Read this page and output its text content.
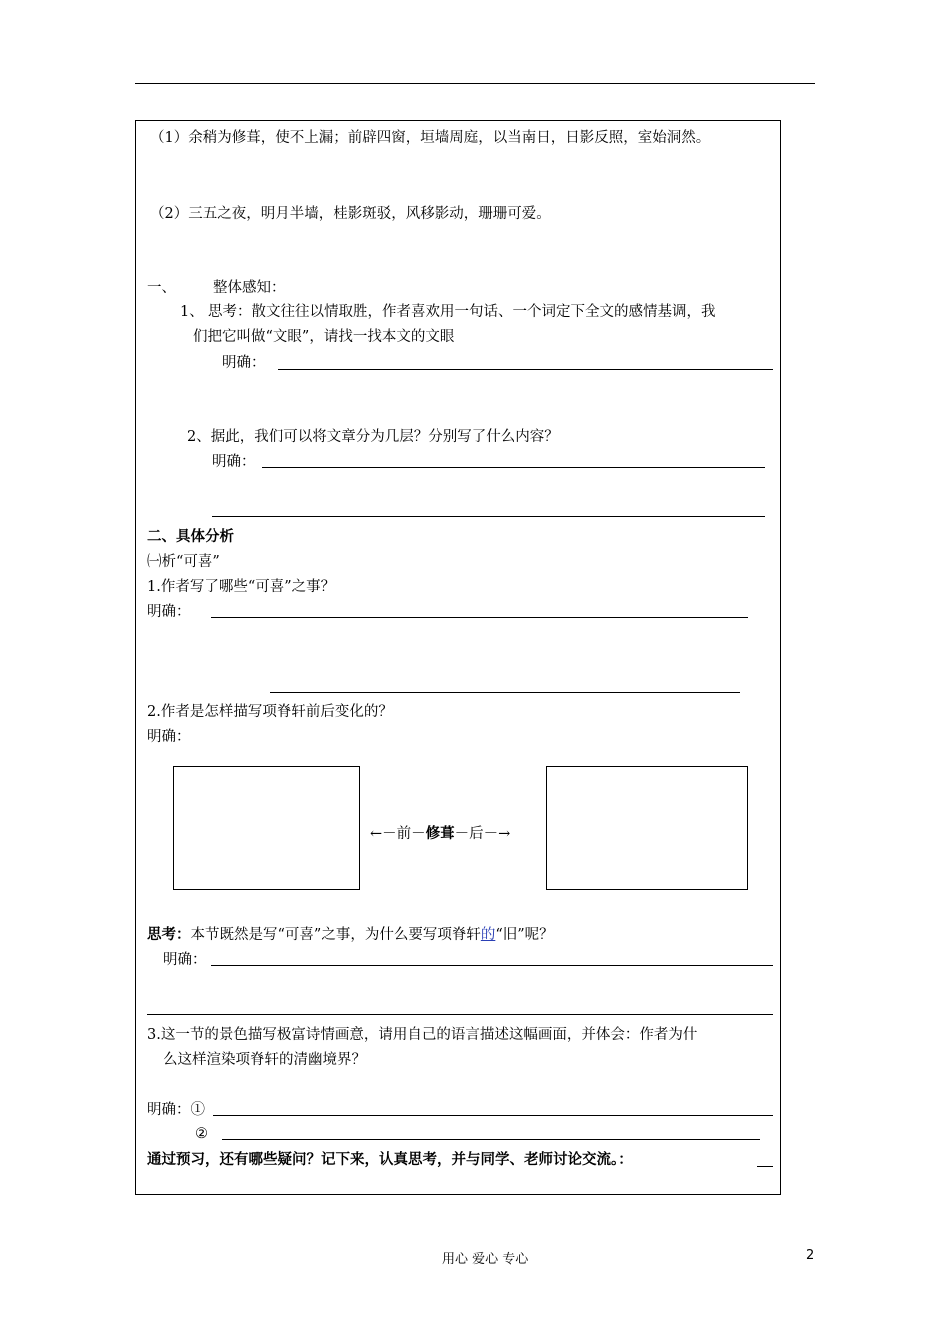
（1）余稍为修葺，使不上漏；前辟四窗，垣墙周庭，以当南日，日影反照，室始洞然。
（2）三五之夜，明月半墙，桂影斑驳，风移影动，珊珊可爱。
一、	整体感知：
1、 思考：散文往往以情取胜，作者喜欢用一句话、一个词定下全文的感情基调，我
们把它叫做“文眼”，请找一找本文的文眼
明确：
2、据此，我们可以将文章分为几层？分别写了什么内容？
明确：
二、具体分析
㈠析“可喜”
1.作者写了哪些“可喜”之事？
明确：
2.作者是怎样描写项脊轩前后变化的？
明确：
←－前－修葺－后－→
思考：本节既然是写“可喜”之事，为什么要写项脊轩的“旧”呢？
明确：
3.这一节的景色描写极富诗情画意，请用自己的语言描述这幅画面，并体会：作者为什
么这样渲染项脊轩的清幽境界？
明确：①
②
通过预习，还有哪些疑问？记下来，认真思考，并与同学、老师讨论交流。：
用心 爱心 专心	2
